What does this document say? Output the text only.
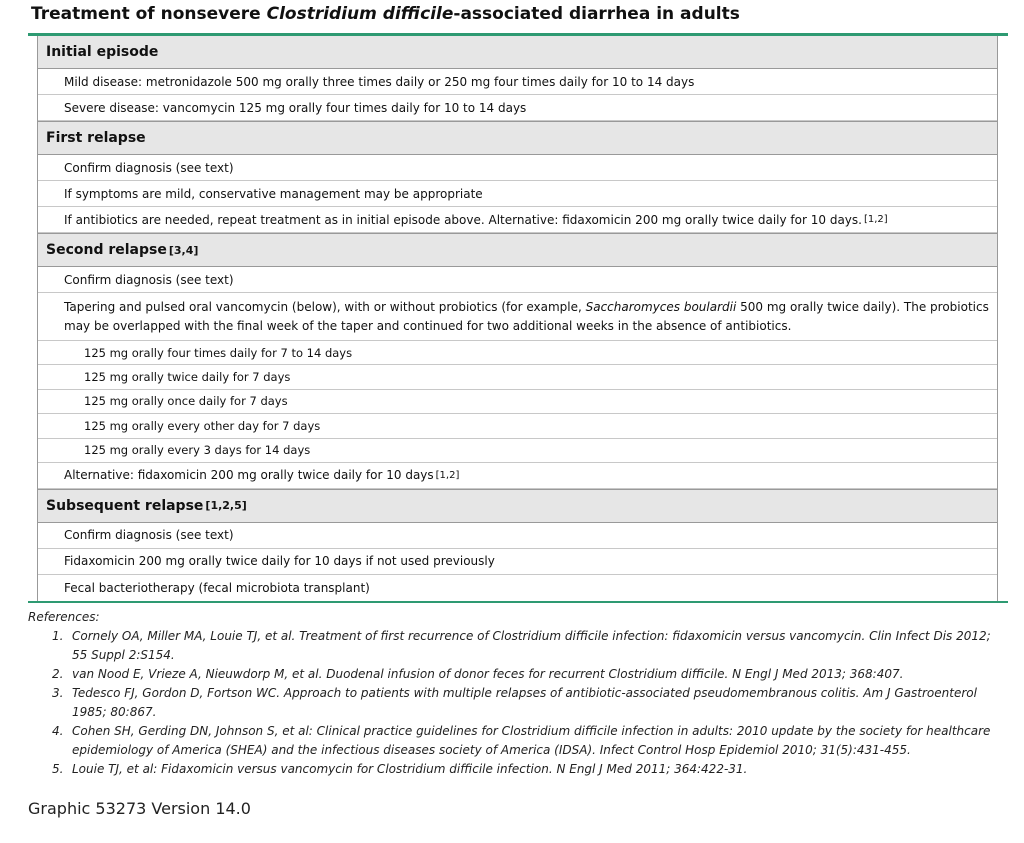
Treatment of nonsevere Clostridium difficile-associated diarrhea in adults
Initial episode
Mild disease: metronidazole 500 mg orally three times daily or 250 mg four times daily for 10 to 14 days
Severe disease: vancomycin 125 mg orally four times daily for 10 to 14 days
First relapse
Confirm diagnosis (see text)
If symptoms are mild, conservative management may be appropriate
If antibiotics are needed, repeat treatment as in initial episode above. Alternative: fidaxomicin 200 mg orally twice daily for 10 days. [1,2]
Second relapse [3,4]
Confirm diagnosis (see text)
Tapering and pulsed oral vancomycin (below), with or without probiotics (for example, Saccharomyces boulardii 500 mg orally twice daily). The probiotics may be overlapped with the final week of the taper and continued for two additional weeks in the absence of antibiotics.
125 mg orally four times daily for 7 to 14 days
125 mg orally twice daily for 7 days
125 mg orally once daily for 7 days
125 mg orally every other day for 7 days
125 mg orally every 3 days for 14 days
Alternative: fidaxomicin 200 mg orally twice daily for 10 days [1,2]
Subsequent relapse [1,2,5]
Confirm diagnosis (see text)
Fidaxomicin 200 mg orally twice daily for 10 days if not used previously
Fecal bacteriotherapy (fecal microbiota transplant)
References:
1. Cornely OA, Miller MA, Louie TJ, et al. Treatment of first recurrence of Clostridium difficile infection: fidaxomicin versus vancomycin. Clin Infect Dis 2012; 55 Suppl 2:S154.
2. van Nood E, Vrieze A, Nieuwdorp M, et al. Duodenal infusion of donor feces for recurrent Clostridium difficile. N Engl J Med 2013; 368:407.
3. Tedesco FJ, Gordon D, Fortson WC. Approach to patients with multiple relapses of antibiotic-associated pseudomembranous colitis. Am J Gastroenterol 1985; 80:867.
4. Cohen SH, Gerding DN, Johnson S, et al: Clinical practice guidelines for Clostridium difficile infection in adults: 2010 update by the society for healthcare epidemiology of America (SHEA) and the infectious diseases society of America (IDSA). Infect Control Hosp Epidemiol 2010; 31(5):431-455.
5. Louie TJ, et al: Fidaxomicin versus vancomycin for Clostridium difficile infection. N Engl J Med 2011; 364:422-31.
Graphic 53273 Version 14.0
